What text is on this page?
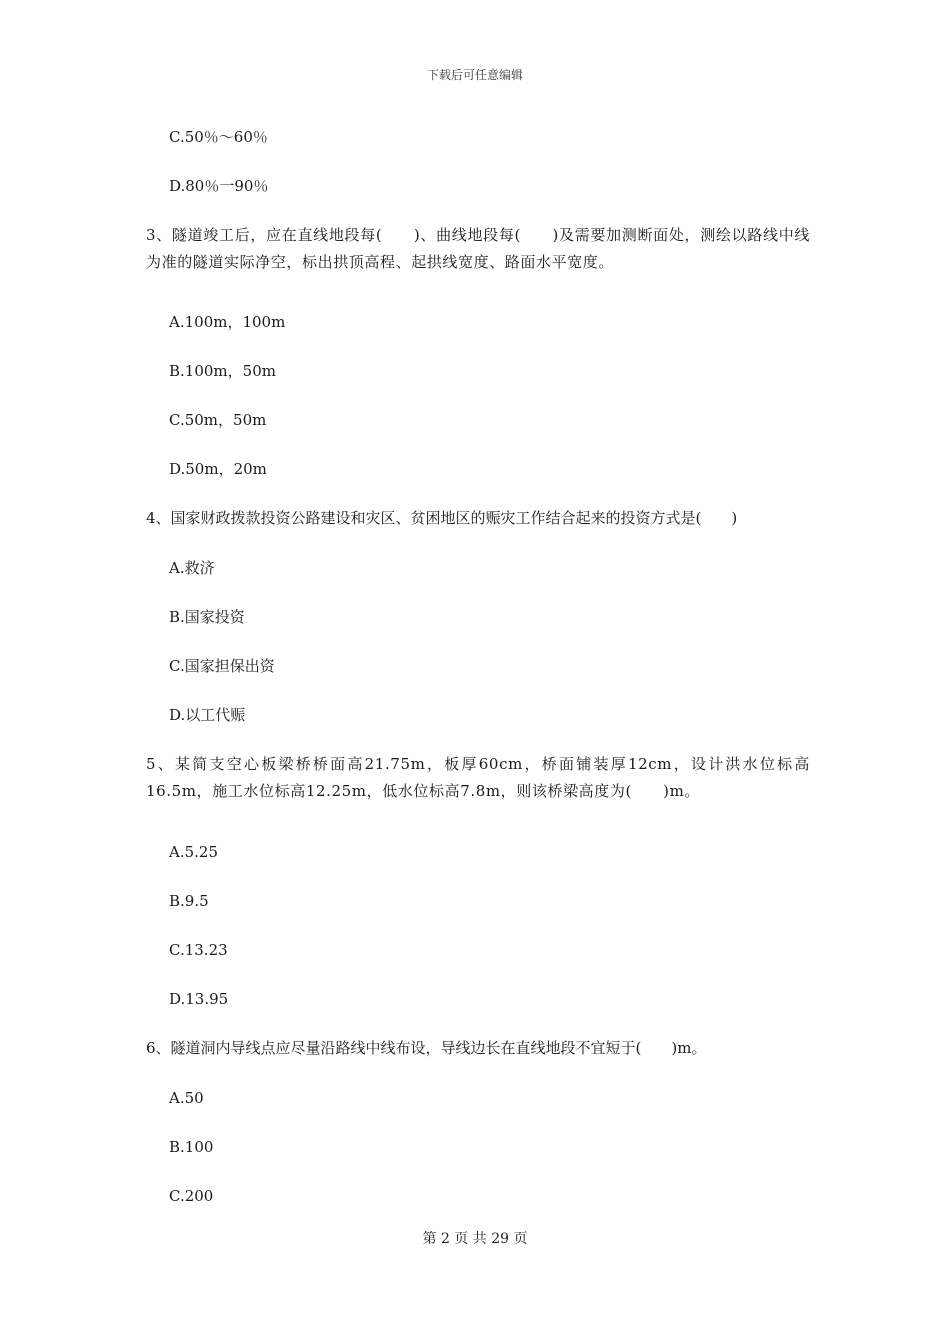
下载后可任意编辑
C.50％～60％
D.80％一90％
3、隧道竣工后，应在直线地段每(　　)、曲线地段每(　　)及需要加测断面处，测绘以路线中线为准的隧道实际净空，标出拱顶高程、起拱线宽度、路面水平宽度。
A.100m，100m
B.100m，50m
C.50m，50m
D.50m，20m
4、国家财政拨款投资公路建设和灾区、贫困地区的赈灾工作结合起来的投资方式是(　　)
A.救济
B.国家投资
C.国家担保出资
D.以工代赈
5、某简支空心板梁桥桥面高21.75m，板厚60cm，桥面铺装厚12cm，设计洪水位标高16.5m，施工水位标高12.25m，低水位标高7.8m，则该桥梁高度为(　　)m。
A.5.25
B.9.5
C.13.23
D.13.95
6、隧道洞内导线点应尽量沿路线中线布设，导线边长在直线地段不宜短于(　　)m。
A.50
B.100
C.200
第 2 页 共 29 页
